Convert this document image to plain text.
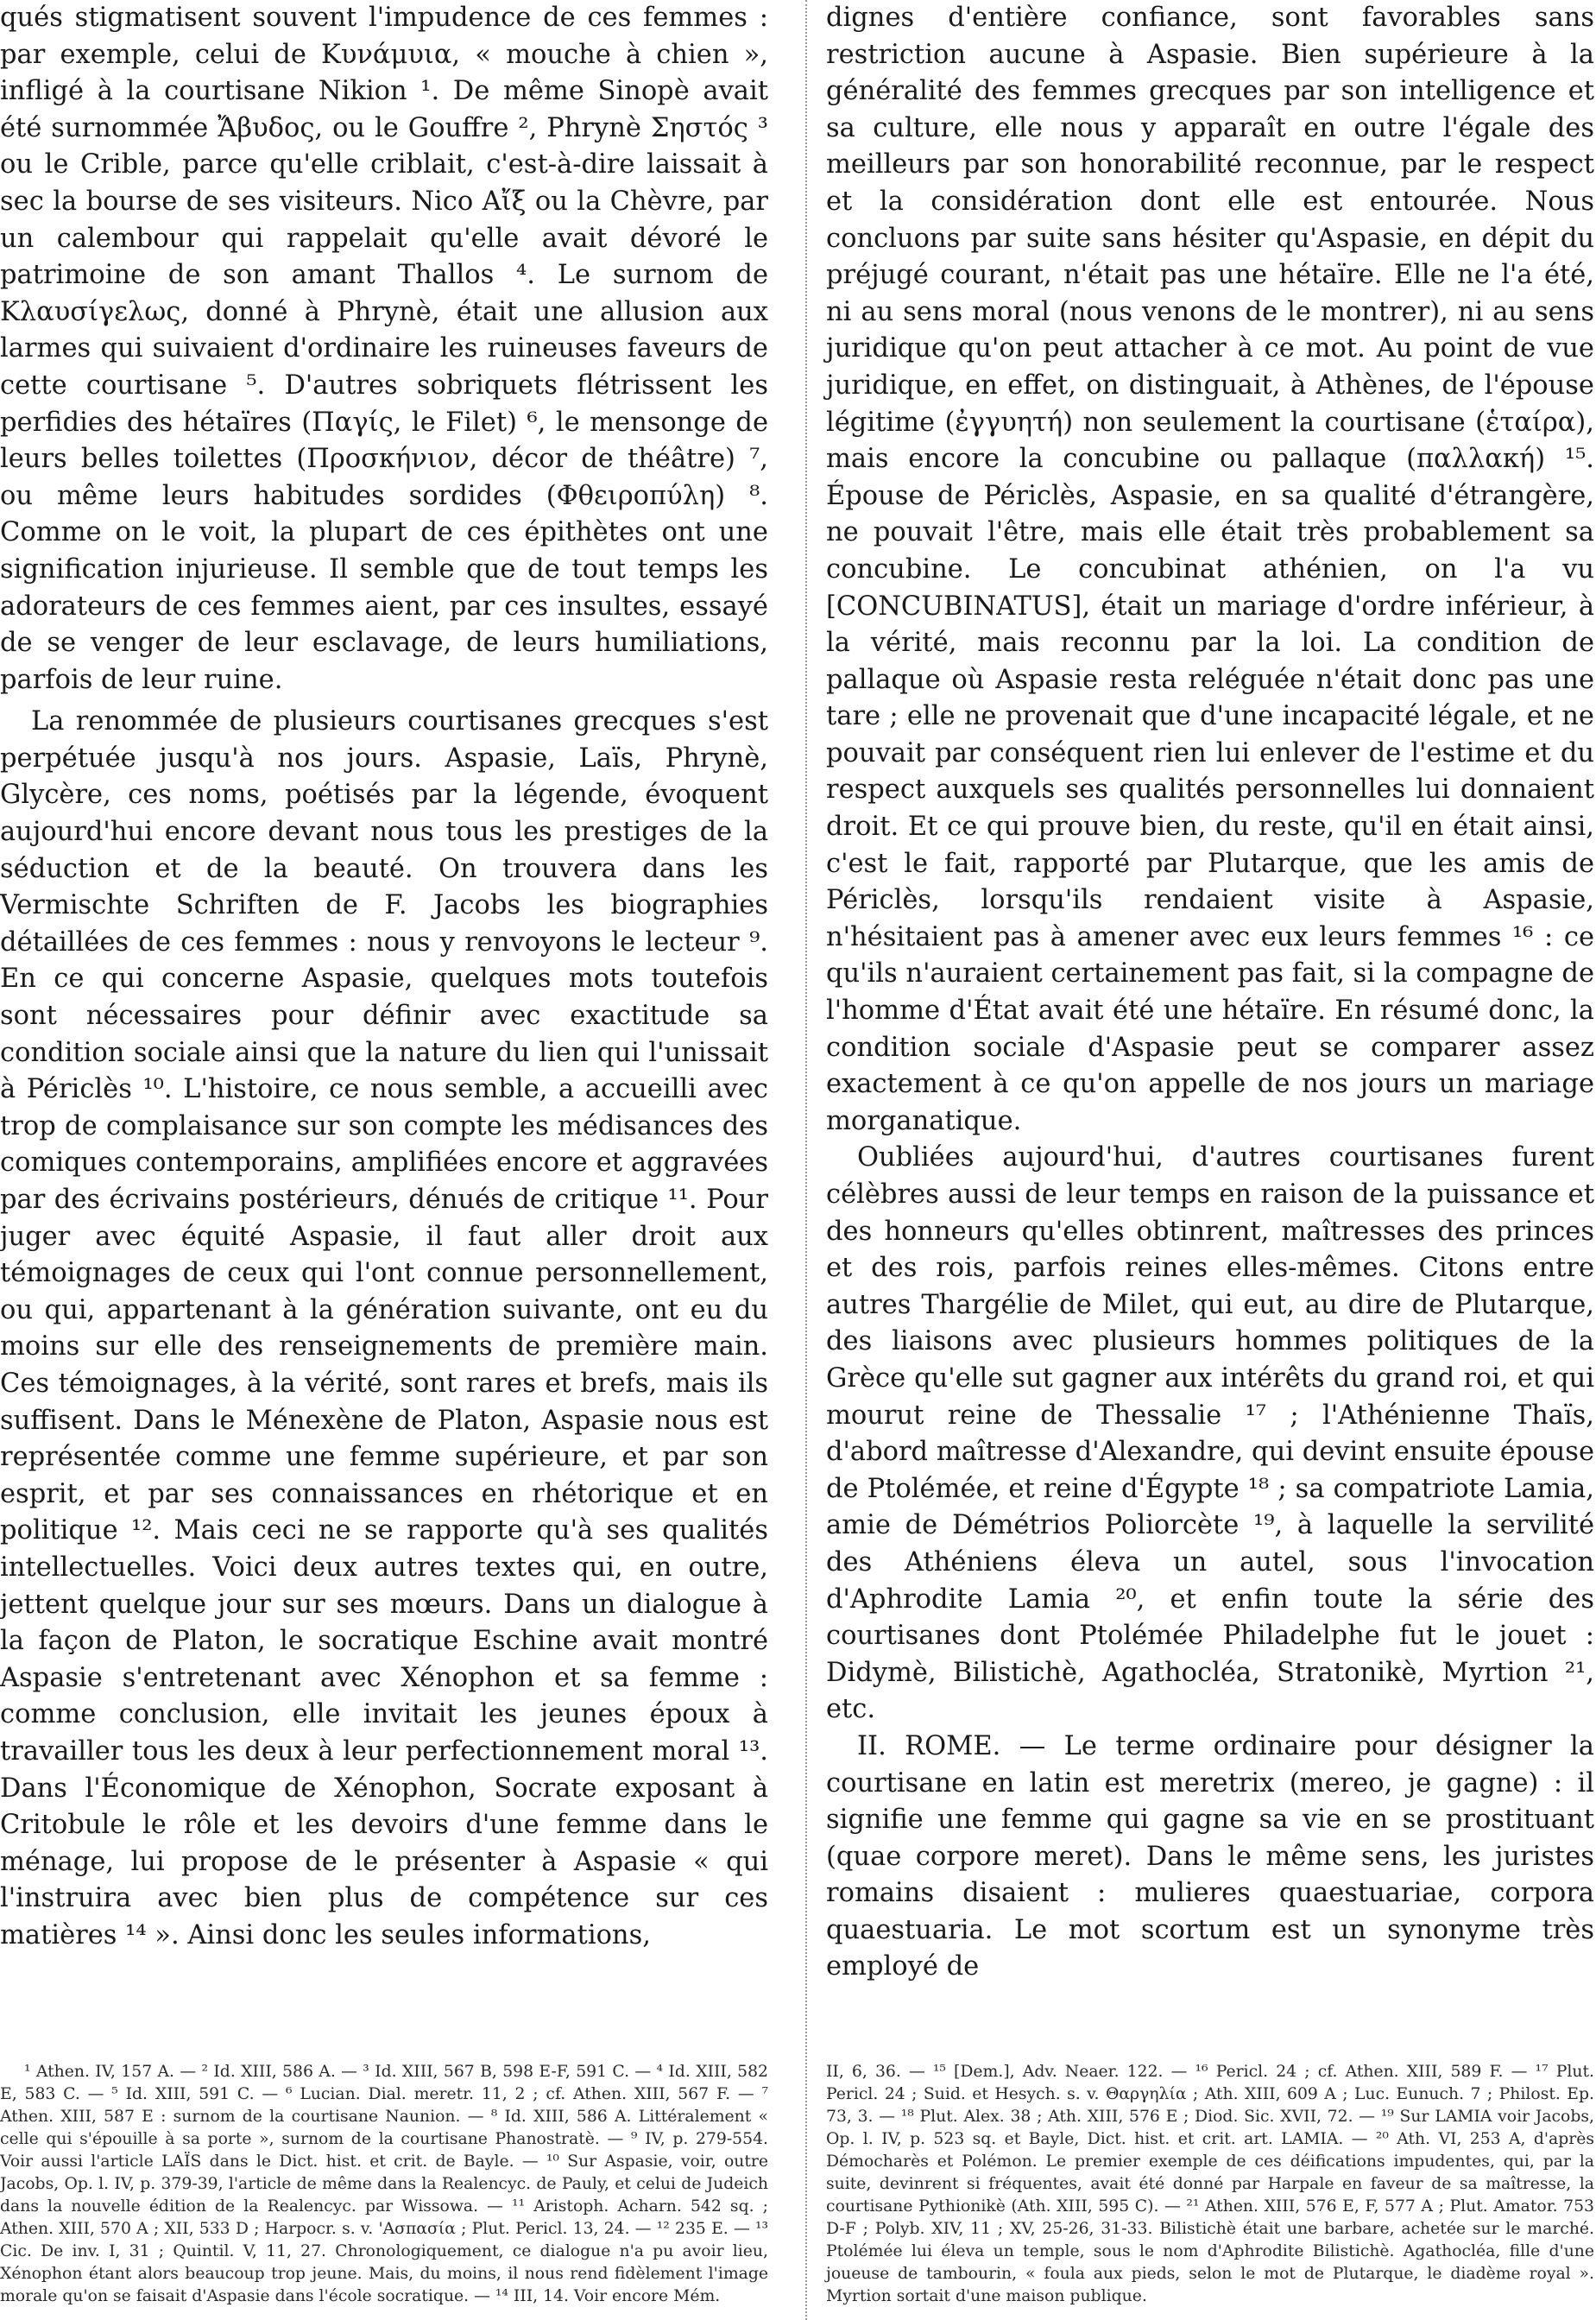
qués stigmatisent souvent l'impudence de ces femmes : par exemple, celui de Κυνάμυια, « mouche à chien », infligé à la courtisane Nikion ¹. De même Sinopè avait été surnommée Ἄβυδος, ou le Gouffre ², Phrynè Σηστός ³ ou le Crible, parce qu'elle criblait, c'est-à-dire laissait à sec la bourse de ses visiteurs. Nico Αἴξ ou la Chèvre, par un calembour qui rappelait qu'elle avait dévoré le patrimoine de son amant Thallos ⁴. Le surnom de Κλαυσίγελως, donné à Phrynè, était une allusion aux larmes qui suivaient d'ordinaire les ruineuses faveurs de cette courtisane ⁵. D'autres sobriquets flétrissent les perfidies des hétaïres (Παγίς, le Filet) ⁶, le mensonge de leurs belles toilettes (Προσκήνιον, décor de théâtre) ⁷, ou même leurs habitudes sordides (Φθειροπύλη) ⁸. Comme on le voit, la plupart de ces épithètes ont une signification injurieuse. Il semble que de tout temps les adorateurs de ces femmes aient, par ces insultes, essayé de se venger de leur esclavage, de leurs humiliations, parfois de leur ruine.

La renommée de plusieurs courtisanes grecques s'est perpétuée jusqu'à nos jours. Aspasie, Laïs, Phrynè, Glycère, ces noms, poétisés par la légende, évoquent aujourd'hui encore devant nous tous les prestiges de la séduction et de la beauté. On trouvera dans les Vermischte Schriften de F. Jacobs les biographies détaillées de ces femmes : nous y renvoyons le lecteur ⁹. En ce qui concerne Aspasie, quelques mots toutefois sont nécessaires pour définir avec exactitude sa condition sociale ainsi que la nature du lien qui l'unissait à Périclès ¹⁰. L'histoire, ce nous semble, a accueilli avec trop de complaisance sur son compte les médisances des comiques contemporains, amplifiées encore et aggravées par des écrivains postérieurs, dénués de critique ¹¹. Pour juger avec équité Aspasie, il faut aller droit aux témoignages de ceux qui l'ont connue personnellement, ou qui, appartenant à la génération suivante, ont eu du moins sur elle des renseignements de première main. Ces témoignages, à la vérité, sont rares et brefs, mais ils suffisent. Dans le Ménexène de Platon, Aspasie nous est représentée comme une femme supérieure, et par son esprit, et par ses connaissances en rhétorique et en politique ¹². Mais ceci ne se rapporte qu'à ses qualités intellectuelles. Voici deux autres textes qui, en outre, jettent quelque jour sur ses mœurs. Dans un dialogue à la façon de Platon, le socratique Eschine avait montré Aspasie s'entretenant avec Xénophon et sa femme : comme conclusion, elle invitait les jeunes époux à travailler tous les deux à leur perfectionnement moral ¹³. Dans l'Économique de Xénophon, Socrate exposant à Critobule le rôle et les devoirs d'une femme dans le ménage, lui propose de le présenter à Aspasie « qui l'instruira avec bien plus de compétence sur ces matières ¹⁴ ». Ainsi donc les seules informations,

dignes d'entière confiance, sont favorables sans restriction aucune à Aspasie. Bien supérieure à la généralité des femmes grecques par son intelligence et sa culture, elle nous y apparaît en outre l'égale des meilleurs par son honorabilité reconnue, par le respect et la considération dont elle est entourée. Nous concluons par suite sans hésiter qu'Aspasie, en dépit du préjugé courant, n'était pas une hétaïre. Elle ne l'a été, ni au sens moral (nous venons de le montrer), ni au sens juridique qu'on peut attacher à ce mot. Au point de vue juridique, en effet, on distinguait, à Athènes, de l'épouse légitime (ἐγγυητή) non seulement la courtisane (ἑταίρα), mais encore la concubine ou pallaque (παλλακή) ¹⁵. Épouse de Périclès, Aspasie, en sa qualité d'étrangère, ne pouvait l'être, mais elle était très probablement sa concubine. Le concubinat athénien, on l'a vu [CONCUBINATUS], était un mariage d'ordre inférieur, à la vérité, mais reconnu par la loi. La condition de pallaque où Aspasie resta reléguée n'était donc pas une tare ; elle ne provenait que d'une incapacité légale, et ne pouvait par conséquent rien lui enlever de l'estime et du respect auxquels ses qualités personnelles lui donnaient droit. Et ce qui prouve bien, du reste, qu'il en était ainsi, c'est le fait, rapporté par Plutarque, que les amis de Périclès, lorsqu'ils rendaient visite à Aspasie, n'hésitaient pas à amener avec eux leurs femmes ¹⁶ : ce qu'ils n'auraient certainement pas fait, si la compagne de l'homme d'État avait été une hétaïre. En résumé donc, la condition sociale d'Aspasie peut se comparer assez exactement à ce qu'on appelle de nos jours un mariage morganatique.

Oubliées aujourd'hui, d'autres courtisanes furent célèbres aussi de leur temps en raison de la puissance et des honneurs qu'elles obtinrent, maîtresses des princes et des rois, parfois reines elles-mêmes. Citons entre autres Thargélie de Milet, qui eut, au dire de Plutarque, des liaisons avec plusieurs hommes politiques de la Grèce qu'elle sut gagner aux intérêts du grand roi, et qui mourut reine de Thessalie ¹⁷ ; l'Athénienne Thaïs, d'abord maîtresse d'Alexandre, qui devint ensuite épouse de Ptolémée, et reine d'Égypte ¹⁸ ; sa compatriote Lamia, amie de Démétrios Poliorcète ¹⁹, à laquelle la servilité des Athéniens éleva un autel, sous l'invocation d'Aphrodite Lamia ²⁰, et enfin toute la série des courtisanes dont Ptolémée Philadelphe fut le jouet : Didymè, Bilistichè, Agathocléa, Stratonikè, Myrtion ²¹, etc.

II. ROME. — Le terme ordinaire pour désigner la courtisane en latin est meretrix (mereo, je gagne) : il signifie une femme qui gagne sa vie en se prostituant (quae corpore meret). Dans le même sens, les juristes romains disaient : mulieres quaestuariae, corpora quaestuaria. Le mot scortum est un synonyme très employé de

¹ Athen. IV, 157 A. — ² Id. XIII, 586 A. — ³ Id. XIII, 567 B, 598 E-F, 591 C. — ⁴ Id. XIII, 582 E, 583 C. — ⁵ Id. XIII, 591 C. — ⁶ Lucian. Dial. meretr. 11, 2 ; cf. Athen. XIII, 567 F. — ⁷ Athen. XIII, 587 E : surnom de la courtisane Naunion. — ⁸ Id. XIII, 586 A. Littéralement « celle qui s'épouille à sa porte », surnom de la courtisane Phanostratè. — ⁹ IV, p. 279-554. Voir aussi l'article LAÏS dans le Dict. hist. et crit. de Bayle. — ¹⁰ Sur Aspasie, voir, outre Jacobs, Op. l. IV, p. 379-39, l'article de même dans la Realencyc. de Pauly, et celui de Judeich dans la nouvelle édition de la Realencyc. par Wissowa. — ¹¹ Aristoph. Acharn. 542 sq. ; Athen. XIII, 570 A ; XII, 533 D ; Harpocr. s. v. 'Ασπασία ; Plut. Pericl. 13, 24. — ¹² 235 E. — ¹³ Cic. De inv. I, 31 ; Quintil. V, 11, 27. Chronologiquement, ce dialogue n'a pu avoir lieu, Xénophon étant alors beaucoup trop jeune. Mais, du moins, il nous rend fidèlement l'image morale qu'on se faisait d'Aspasie dans l'école socratique. — ¹⁴ III, 14. Voir encore Mém.

II, 6, 36. — ¹⁵ [Dem.], Adv. Neaer. 122. — ¹⁶ Pericl. 24 ; cf. Athen. XIII, 589 F. — ¹⁷ Plut. Pericl. 24 ; Suid. et Hesych. s. v. Θαργηλία ; Ath. XIII, 609 A ; Luc. Eunuch. 7 ; Philost. Ep. 73, 3. — ¹⁸ Plut. Alex. 38 ; Ath. XIII, 576 E ; Diod. Sic. XVII, 72. — ¹⁹ Sur LAMIA voir Jacobs, Op. l. IV, p. 523 sq. et Bayle, Dict. hist. et crit. art. LAMIA. — ²⁰ Ath. VI, 253 A, d'après Démocharès et Polémon. Le premier exemple de ces déifications impudentes, qui, par la suite, devinrent si fréquentes, avait été donné par Harpale en faveur de sa maîtresse, la courtisane Pythionikè (Ath. XIII, 595 C). — ²¹ Athen. XIII, 576 E, F, 577 A ; Plut. Amator. 753 D-F ; Polyb. XIV, 11 ; XV, 25-26, 31-33. Bilistichè était une barbare, achetée sur le marché. Ptolémée lui éleva un temple, sous le nom d'Aphrodite Bilistichè. Agathocléa, fille d'une joueuse de tambourin, « foula aux pieds, selon le mot de Plutarque, le diadème royal ». Myrtion sortait d'une maison publique.
